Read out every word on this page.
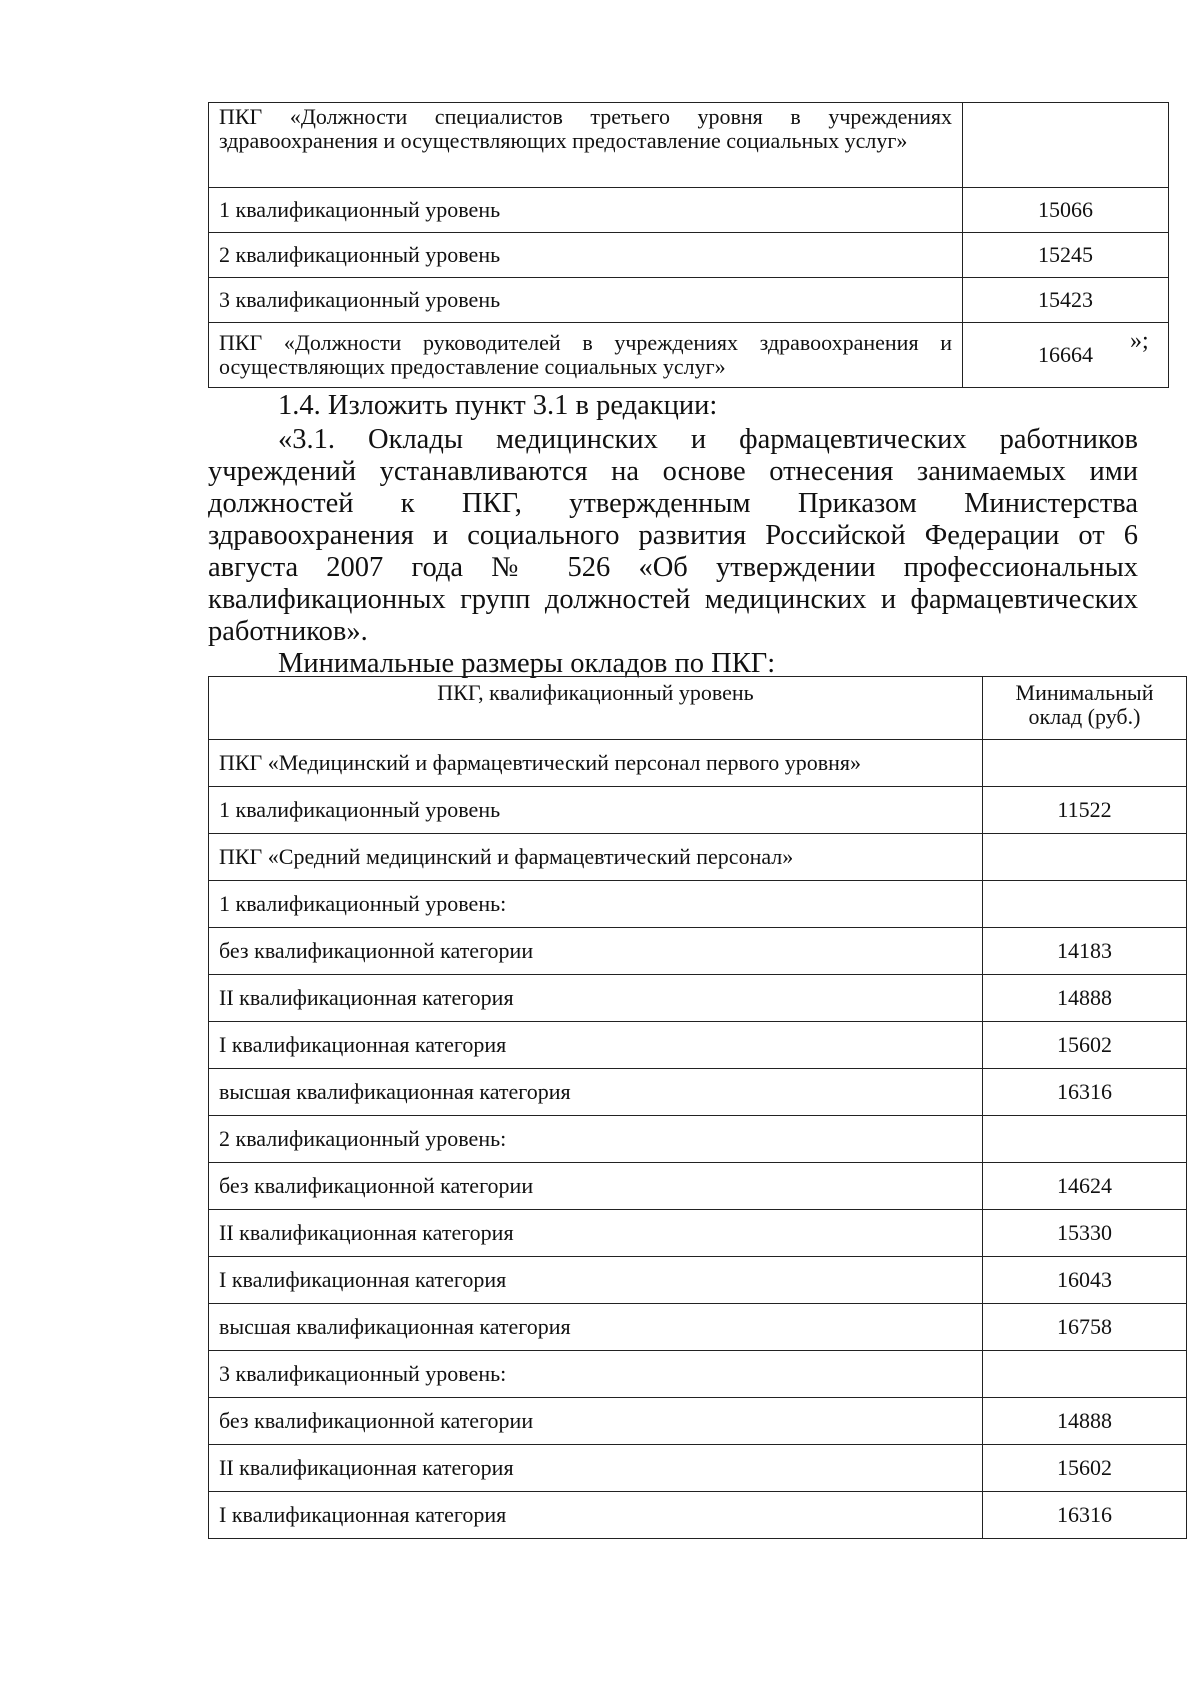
ПКГ «Должности специалистов третьего уровня в учреждениях здравоохранения и осуществляющих предоставление социальных услуг»	
1 квалификационный уровень	15066
2 квалификационный уровень	15245
3 квалификационный уровень	15423
ПКГ «Должности руководителей в учреждениях здравоохранения и осуществляющих предоставление социальных услуг»	16664
»;

1.4. Изложить пункт 3.1 в редакции:

«3.1. Оклады медицинских и фармацевтических работников учреждений устанавливаются на основе отнесения занимаемых ими должностей к ПКГ, утвержденным Приказом Министерства здравоохранения и социального развития Российской Федерации от 6 августа 2007 года № 526 «Об утверждении профессиональных квалификационных групп должностей медицинских и фармацевтических работников».

Минимальные размеры окладов по ПКГ:

ПКГ, квалификационный уровень	Минимальный оклад (руб.)
ПКГ «Медицинский и фармацевтический персонал первого уровня»	
1 квалификационный уровень	11522
ПКГ «Средний медицинский и фармацевтический персонал»	
1 квалификационный уровень:	
без квалификационной категории	14183
II квалификационная категория	14888
I квалификационная категория	15602
высшая квалификационная категория	16316
2 квалификационный уровень:	
без квалификационной категории	14624
II квалификационная категория	15330
I квалификационная категория	16043
высшая квалификационная категория	16758
3 квалификационный уровень:	
без квалификационной категории	14888
II квалификационная категория	15602
I квалификационная категория	16316
